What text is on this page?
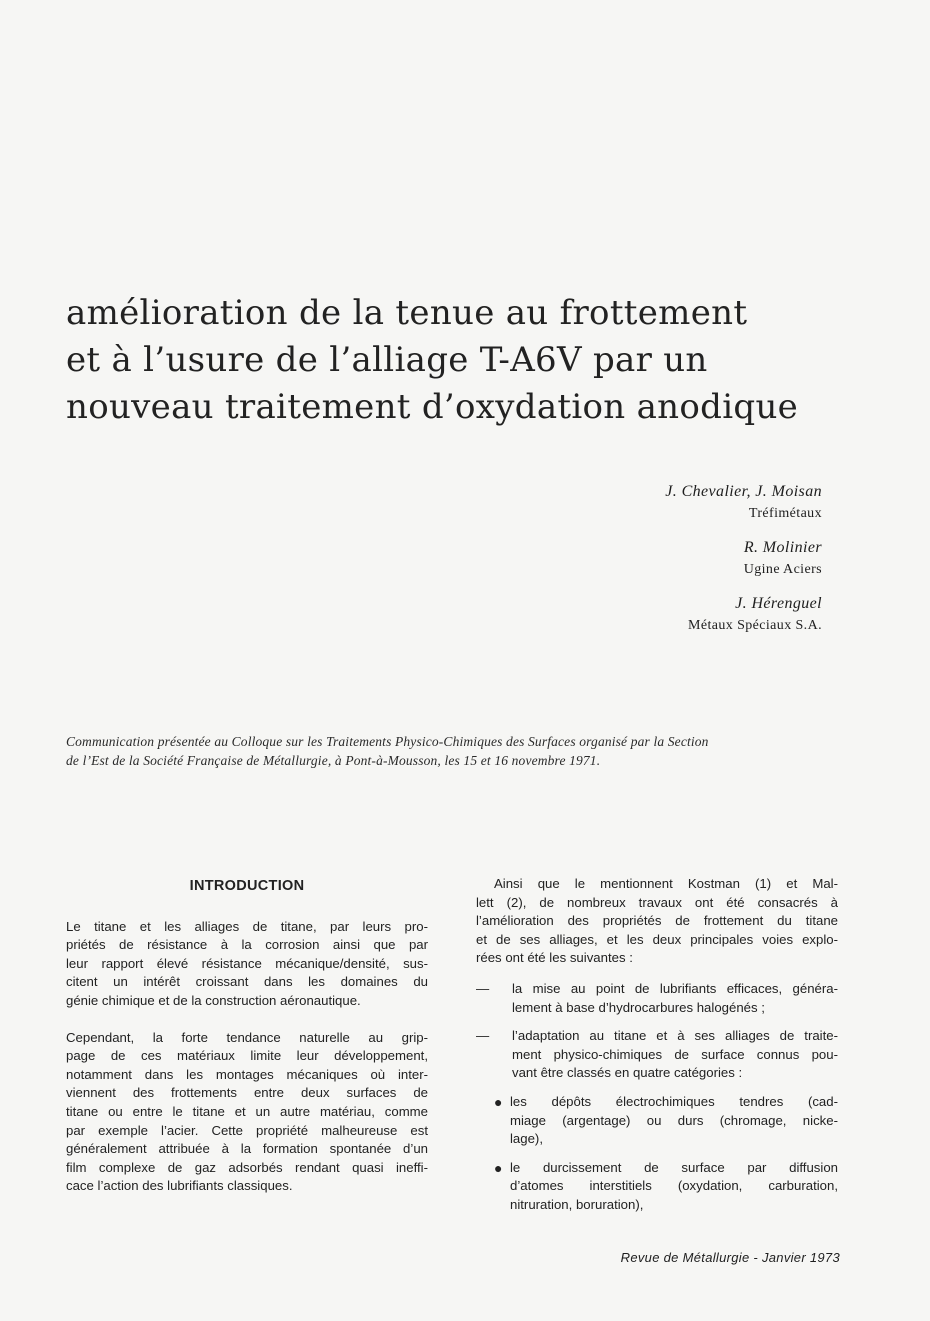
amélioration de la tenue au frottement
et à l’usure de l’alliage T-A6V par un
nouveau traitement d’oxydation anodique
J. Chevalier, J. Moisan
Tréfimétaux
R. Molinier
Ugine Aciers
J. Hérenguel
Métaux Spéciaux S.A.

Communication présentée au Colloque sur les Traitements Physico-Chimiques des Surfaces organisé par la Section
de l’Est de la Société Française de Métallurgie, à Pont-à-Mousson, les 15 et 16 novembre 1971.

INTRODUCTION
Le titane et les alliages de titane, par leurs pro-
priétés de résistance à la corrosion ainsi que par
leur rapport élevé résistance mécanique/densité, sus-
citent un intérêt croissant dans les domaines du
génie chimique et de la construction aéronautique.
Cependant, la forte tendance naturelle au grip-
page de ces matériaux limite leur développement,
notamment dans les montages mécaniques où inter-
viennent des frottements entre deux surfaces de
titane ou entre le titane et un autre matériau, comme
par exemple l’acier. Cette propriété malheureuse est
généralement attribuée à la formation spontanée d’un
film complexe de gaz adsorbés rendant quasi ineffi-
cace l’action des lubrifiants classiques.
Ainsi que le mentionnent Kostman (1) et Mal-
lett (2), de nombreux travaux ont été consacrés à
l’amélioration des propriétés de frottement du titane
et de ses alliages, et les deux principales voies explo-
rées ont été les suivantes :
—	la mise au point de lubrifiants efficaces, généra-
lement à base d’hydrocarbures halogénés ;
—	l’adaptation au titane et à ses alliages de traite-
ment physico-chimiques de surface connus pou-
vant être classés en quatre catégories :
● les dépôts électrochimiques tendres (cad-
miage (argentage) ou durs (chromage, nicke-
lage),
● le durcissement de surface par diffusion
d’atomes interstitiels (oxydation, carburation,
nitruration, boruration),
Revue de Métallurgie - Janvier 1973
